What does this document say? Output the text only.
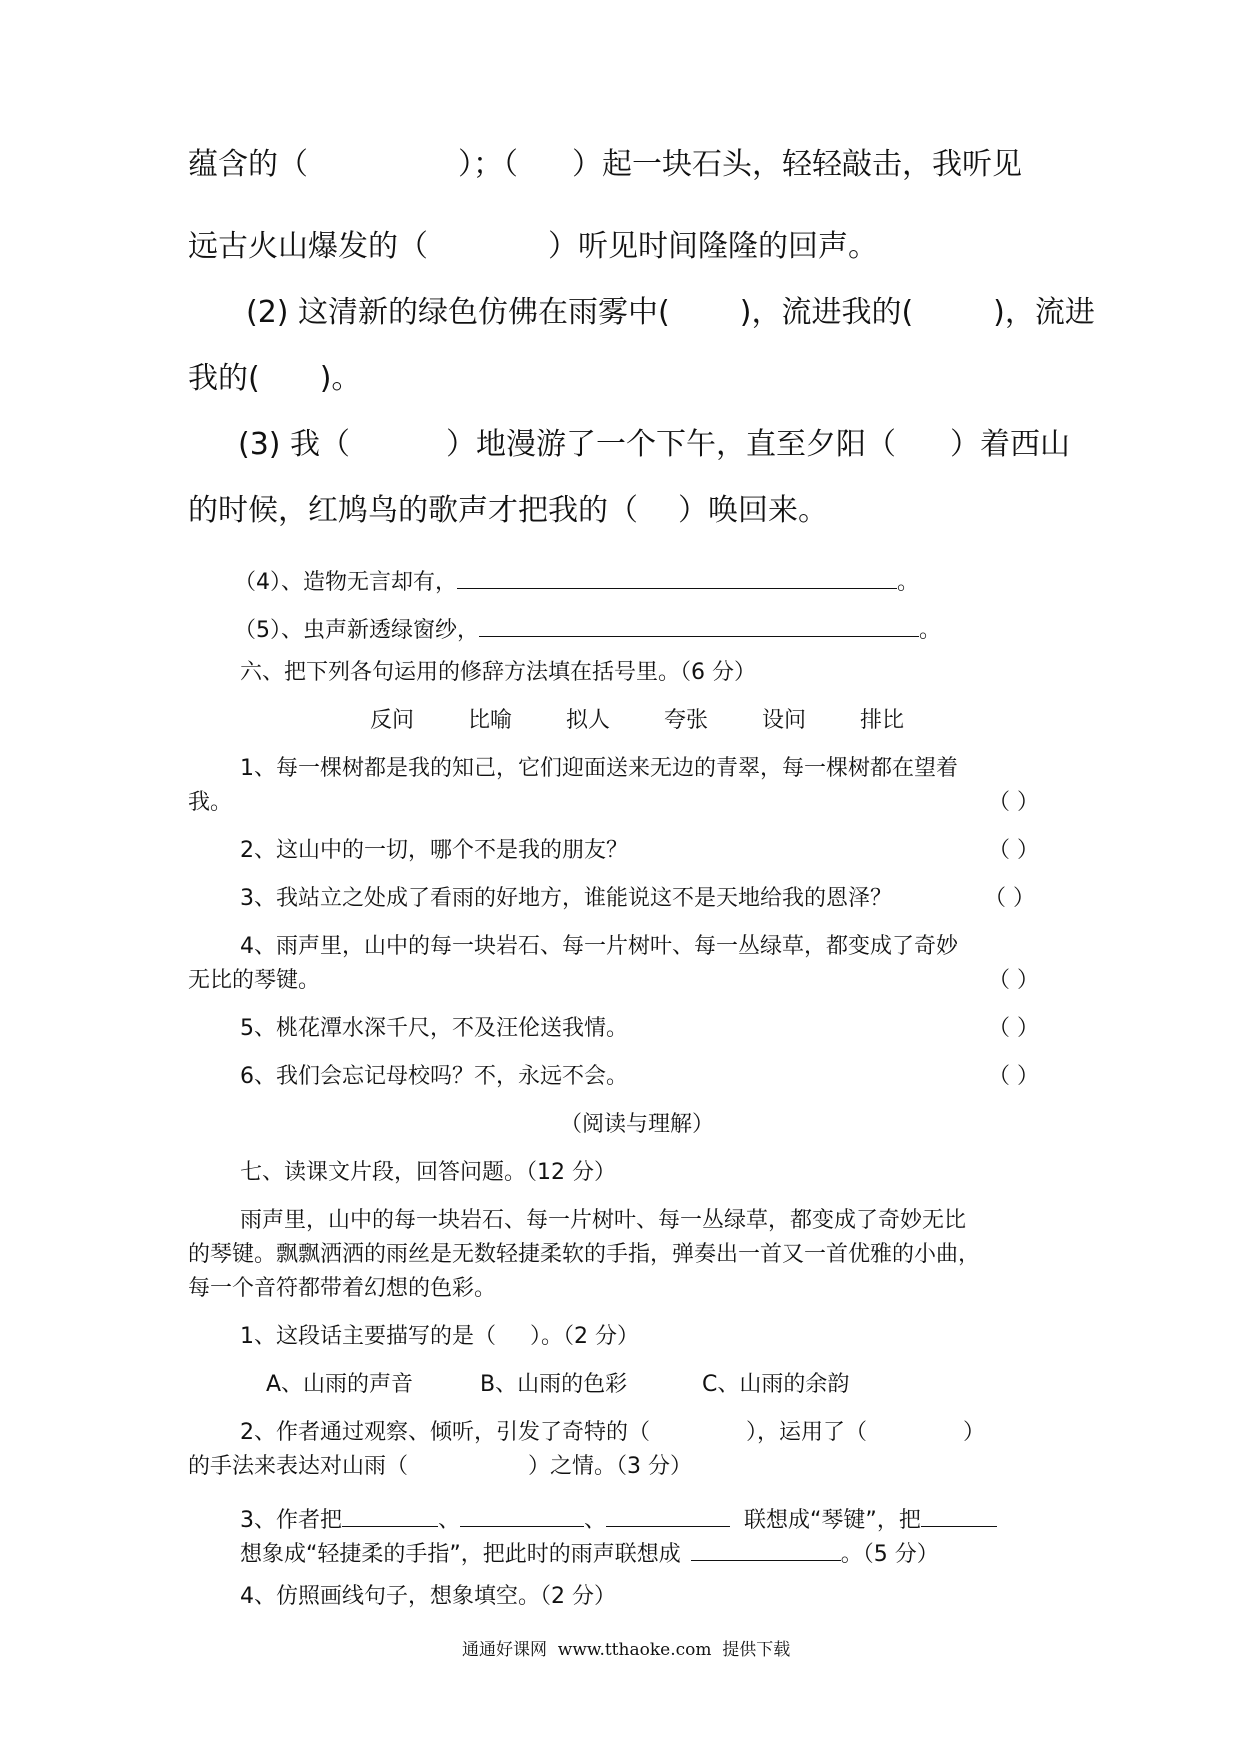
蕴含的（	）；（ ）起一块石头，轻轻敲击，我听见
远古火山爆发的（	）听见时间隆隆的回声。
(2) 这清新的绿色仿佛在雨雾中( )，流进我的(	)，流进
我的( )。
(3) 我（	）地漫游了一个下午，直至夕阳（ ）着西山
的时候，红鸠鸟的歌声才把我的（ ）唤回来。
（4）、造物无言却有，	。
（5）、虫声新透绿窗纱，	。
六、把下列各句运用的修辞方法填在括号里。（6 分）
反问 比喻 拟人 夸张 设问 排比
1、每一棵树都是我的知己，它们迎面送来无边的青翠，每一棵树都在望着
我。	（ ）
2、这山中的一切，哪个不是我的朋友？	（ ）
3、我站立之处成了看雨的好地方，谁能说这不是天地给我的恩泽？	（ ）
4、雨声里，山中的每一块岩石、每一片树叶、每一丛绿草，都变成了奇妙
无比的琴键。	（ ）
5、桃花潭水深千尺，不及汪伦送我情。	（ ）
6、我们会忘记母校吗？不，永远不会。	（ ）
（阅读与理解）
七、读课文片段，回答问题。（12 分）
雨声里，山中的每一块岩石、每一片树叶、每一丛绿草，都变成了奇妙无比
的琴键。飘飘洒洒的雨丝是无数轻捷柔软的手指，弹奏出一首又一首优雅的小曲，
每一个音符都带着幻想的色彩。
1、这段话主要描写的是（ ）。（2 分）
A、山雨的声音	B、山雨的色彩	C、山雨的余韵
2、作者通过观察、倾听，引发了奇特的（	），运用了（	）
的手法来表达对山雨（	）之情。（3 分）
3、作者把	、	、	联想成“琴键”，把
想象成“轻捷柔的手指”，把此时的雨声联想成	。（5 分）
4、仿照画线句子，想象填空。（2 分）
通通好课网  www.tthaoke.com  提供下载
